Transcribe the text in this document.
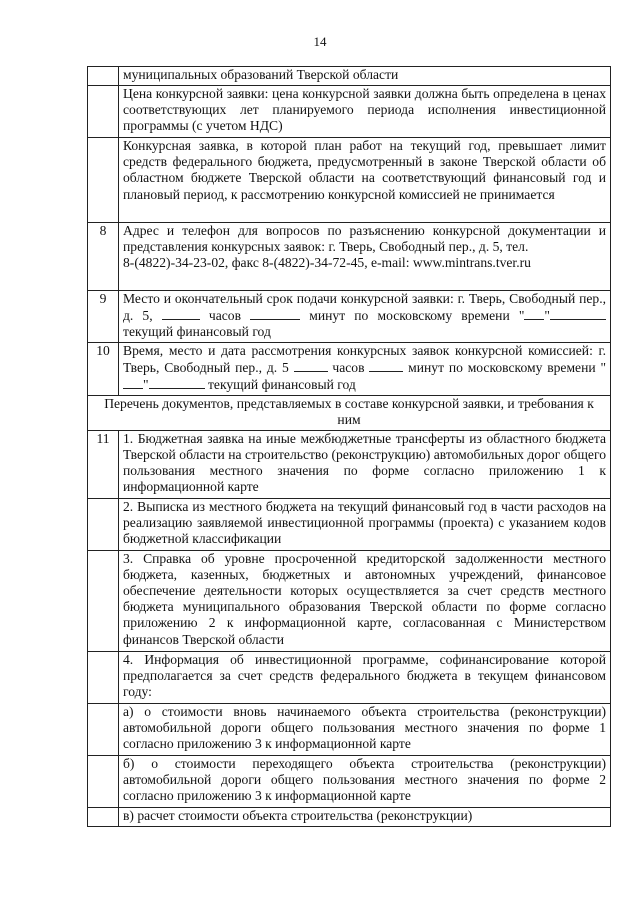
14
	муниципальных образований Тверской области
	Цена конкурсной заявки: цена конкурсной заявки должна быть определена в ценах соответствующих лет планируемого периода исполнения инвестиционной программы (с учетом НДС)
	Конкурсная заявка, в которой план работ на текущий год, превышает лимит средств федерального бюджета, предусмотренный в законе Тверской области об областном бюджете Тверской области на соответствующий финансовый год и плановый период, к рассмотрению конкурсной комиссией не принимается
8	Адрес и телефон для вопросов по разъяснению конкурсной документации и представления конкурсных заявок: г. Тверь, Свободный пер., д. 5, тел.
8-(4822)-34-23-02, факс 8-(4822)-34-72-45, e-mail: www.mintrans.tver.ru
9	Место и окончательный срок подачи конкурсной заявки: г. Тверь, Свободный пер., д. 5, часов минут по московскому времени " " текущий финансовый год
10	Время, место и дата рассмотрения конкурсных заявок конкурсной комиссией: г. Тверь, Свободный пер., д. 5 часов минут по московскому времени "" текущий финансовый год
Перечень документов, представляемых в составе конкурсной заявки, и требования к ним	
11	1. Бюджетная заявка на иные межбюджетные трансферты из областного бюджета Тверской области на строительство (реконструкцию) автомобильных дорог общего пользования местного значения по форме согласно приложению 1 к информационной карте
	2. Выписка из местного бюджета на текущий финансовый год в части расходов на реализацию заявляемой инвестиционной программы (проекта) с указанием кодов бюджетной классификации
	3. Справка об уровне просроченной кредиторской задолженности местного бюджета, казенных, бюджетных и автономных учреждений, финансовое обеспечение деятельности которых осуществляется за счет средств местного бюджета муниципального образования Тверской области по форме согласно приложению 2 к информационной карте, согласованная с Министерством финансов Тверской области
	4. Информация об инвестиционной программе, софинансирование которой предполагается за счет средств федерального бюджета в текущем финансовом году:
	а) о стоимости вновь начинаемого объекта строительства (реконструкции) автомобильной дороги общего пользования местного значения по форме 1 согласно приложению 3 к информационной карте
	б) о стоимости переходящего объекта строительства (реконструкции) автомобильной дороги общего пользования местного значения по форме 2 согласно приложению 3 к информационной карте
	в) расчет стоимости объекта строительства (реконструкции)
